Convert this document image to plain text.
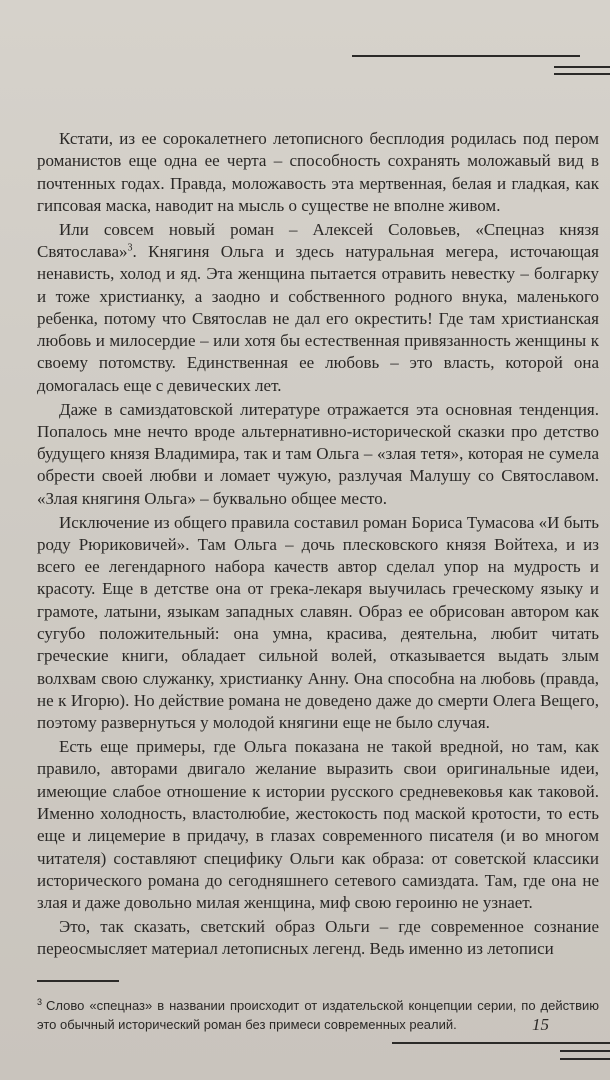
Кстати, из ее сорокалетнего летописного бесплодия родилась под пером романистов еще одна ее черта – способность сохранять моложавый вид в почтенных годах. Правда, моложавость эта мертвенная, белая и гладкая, как гипсовая маска, наводит на мысль о существе не вполне живом.

Или совсем новый роман – Алексей Соловьев, «Спецназ князя Святослава»$^3$. Княгиня Ольга и здесь натуральная мегера, источающая ненависть, холод и яд. Эта женщина пытается отравить невестку – болгарку и тоже христианку, а заодно и собственного родного внука, маленького ребенка, потому что Святослав не дал его окрестить! Где там христианская любовь и милосердие – или хотя бы естественная привязанность женщины к своему потомству. Единственная ее любовь – это власть, которой она домогалась еще с девических лет.

Даже в самиздатовской литературе отражается эта основная тенденция. Попалось мне нечто вроде альтернативно-исторической сказки про детство будущего князя Владимира, так и там Ольга – «злая тетя», которая не сумела обрести своей любви и ломает чужую, разлучая Малушу со Святославом. «Злая княгиня Ольга» – буквально общее место.

Исключение из общего правила составил роман Бориса Тумасова «И быть роду Рюриковичей». Там Ольга – дочь плесковского князя Войтеха, и из всего ее легендарного набора качеств автор сделал упор на мудрость и красоту. Еще в детстве она от грека-лекаря выучилась греческому языку и грамоте, латыни, языкам западных славян. Образ ее обрисован автором как сугубо положительный: она умна, красива, деятельна, любит читать греческие книги, обладает сильной волей, отказывается выдать злым волхвам свою служанку, христианку Анну. Она способна на любовь (правда, не к Игорю). Но действие романа не доведено даже до смерти Олега Вещего, поэтому развернуться у молодой княгини еще не было случая.

Есть еще примеры, где Ольга показана не такой вредной, но там, как правило, авторами двигало желание выразить свои оригинальные идеи, имеющие слабое отношение к истории русского средневековья как таковой. Именно холодность, властолюбие, жестокость под маской кротости, то есть еще и лицемерие в придачу, в глазах современного писателя (и во многом читателя) составляют специфику Ольги как образа: от советской классики исторического романа до сегодняшнего сетевого самиздата. Там, где она не злая и даже довольно милая женщина, миф свою героиню не узнает.

Это, так сказать, светский образ Ольги – где современное сознание переосмысляет материал летописных легенд. Ведь именно из летописи

$^3$ Слово «спецназ» в названии происходит от издательской концепции серии, по действию это обычный исторический роман без примеси современных реалий.	15
